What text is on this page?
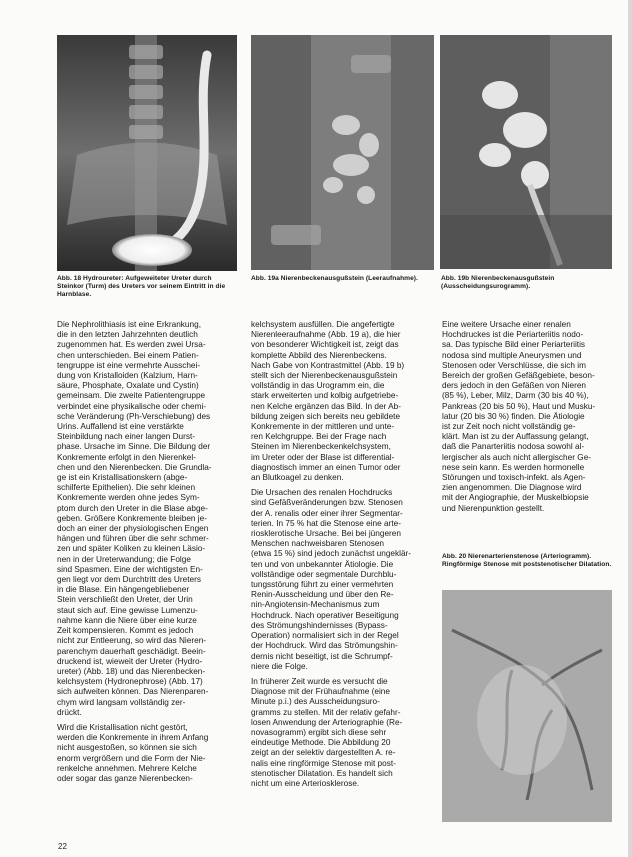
Abb. 18 Hydroureter: Aufgeweiteter Ureter durch Steinkor (Turm) des Ureters vor seinem Eintritt in die Harnblase.
Abb. 19a Nierenbeckenausgußstein (Leeraufnahme).	Abb. 19b Nierenbeckenausgußstein (Ausscheidungsurogramm).
Abb. 20 Nierenarterienstenose (Arteriogramm). Ringförmige Stenose mit poststenotischer Dilatation.
Die Nephrolithiasis ist eine Erkrankung,
die in den letzten Jahrzehnten deutlich
zugenommen hat. Es werden zwei Ursa-
chen unterschieden. Bei einem Patien-
tengruppe ist eine vermehrte Ausschei-
dung von Kristalloiden (Kalzium, Harn-
säure, Phosphate, Oxalate und Cystin)
gemeinsam. Die zweite Patientengruppe
verbindet eine physikalische oder chemi-
sche Veränderung (Ph-Verschiebung) des
Urins. Auffallend ist eine verstärkte
Steinbildung nach einer langen Durst-
phase. Ursache im Sinne. Die Bildung der
Konkremente erfolgt in den Nierenkel-
chen und den Nierenbecken. Die Grundla-
ge ist ein Kristallisationskern (abge-
schilferte Epithelien). Die sehr kleinen
Konkremente werden ohne jedes Sym-
ptom durch den Ureter in die Blase abge-
geben. Größere Konkremente bleiben je-
doch an einer der physiologischen Engen
hängen und führen über die sehr schmer-
zen und später Koliken zu kleinen Läsio-
nen in der Ureterwandung; die Folge
sind Spasmen. Eine der wichtigsten En-
gen liegt vor dem Durchtritt des Ureters
in die Blase. Ein hängengebliebener
Stein verschließt den Ureter, der Urin
staut sich auf. Eine gewisse Lumenzu-
nahme kann die Niere über eine kurze
Zeit kompensieren. Kommt es jedoch
nicht zur Entleerung, so wird das Nieren-
parenchym dauerhaft geschädigt. Beein-
druckend ist, wieweit der Ureter (Hydro-
ureter) (Abb. 18) und das Nierenbecken-
kelchsystem (Hydronephrose) (Abb. 17)
sich aufweiten können. Das Nierenparen-
chym wird langsam vollständig zer-
drückt.

Wird die Kristallisation nicht gestört,
werden die Konkremente in ihrem Anfang
nicht ausgestoßen, so können sie sich
enorm vergrößern und die Form der Nie-
renkelche annehmen. Mehrere Kelche
oder sogar das ganze Nierenbecken-
kelchsystem ausfüllen. Die angefertigte
Nierenleeraufnahme (Abb. 19 a), die hier
von besonderer Wichtigkeit ist, zeigt das
komplette Abbild des Nierenbeckens.
Nach Gabe von Kontrastmittel (Abb. 19 b)
stellt sich der Nierenbeckenausgußstein
vollständig in das Urogramm ein, die
stark erweiterten und kolbig aufgetriebe-
nen Kelche ergänzen das Bild. In der Ab-
bildung zeigen sich bereits neu gebildete
Konkremente in der mittleren und unte-
ren Kelchgruppe. Bei der Frage nach
Steinen im Nierenbeckenkelchsystem,
im Ureter oder der Blase ist differential-
diagnostisch immer an einen Tumor oder
an Blutkoagel zu denken.

Die Ursachen des renalen Hochdrucks
sind Gefäßveränderungen bzw. Stenosen
der A. renalis oder einer ihrer Segmentar-
terien. In 75 % hat die Stenose eine arte-
riosklerotische Ursache. Bei bei jüngeren
Menschen nachweisbaren Stenosen
(etwa 15 %) sind jedoch zunächst ungeklär-
ten und von unbekannter Ätiologie. Die
vollständige oder segmentale Durchblu-
tungsstörung führt zu einer vermehrten
Renin-Ausscheidung und über den Re-
nin-Angiotensin-Mechanismus zum
Hochdruck. Nach operativer Beseitigung
des Strömungshindernisses (Bypass-
Operation) normalisiert sich in der Regel
der Hochdruck. Wird das Strömungshin-
dernis nicht beseitigt, ist die Schrumpf-
niere die Folge.

In früherer Zeit wurde es versucht die
Diagnose mit der Frühaufnahme (eine
Minute p.i.) des Ausscheidungsuro-
gramms zu stellen. Mit der relativ gefahr-
losen Anwendung der Arteriographie (Re-
novasogramm) ergibt sich diese sehr
eindeutige Methode. Die Abbildung 20
zeigt an der selektiv dargestellten A. re-
nalis eine ringförmige Stenose mit post-
stenotischer Dilatation. Es handelt sich
nicht um eine Arteriosklerose.
Eine weitere Ursache einer renalen
Hochdruckes ist die Periarteriitis nodo-
sa. Das typische Bild einer Periarteriitis
nodosa sind multiple Aneurysmen und
Stenosen oder Verschlüsse, die sich im
Bereich der großen Gefäßgebiete, beson-
ders jedoch in den Gefäßen von Nieren
(85 %), Leber, Milz, Darm (30 bis 40 %),
Pankreas (20 bis 50 %), Haut und Musku-
latur (20 bis 30 %) finden. Die Ätiologie
ist zur Zeit noch nicht vollständig ge-
klärt. Man ist zu der Auffassung gelangt,
daß die Panarteriitis nodosa sowohl al-
lergischer als auch nicht allergischer Ge-
nese sein kann. Es werden hormonelle
Störungen und toxisch-infekt. als Agen-
zien angenommen. Die Diagnose wird
mit der Angiographie, der Muskelbiopsie
und Nierenpunktion gestellt.
22
